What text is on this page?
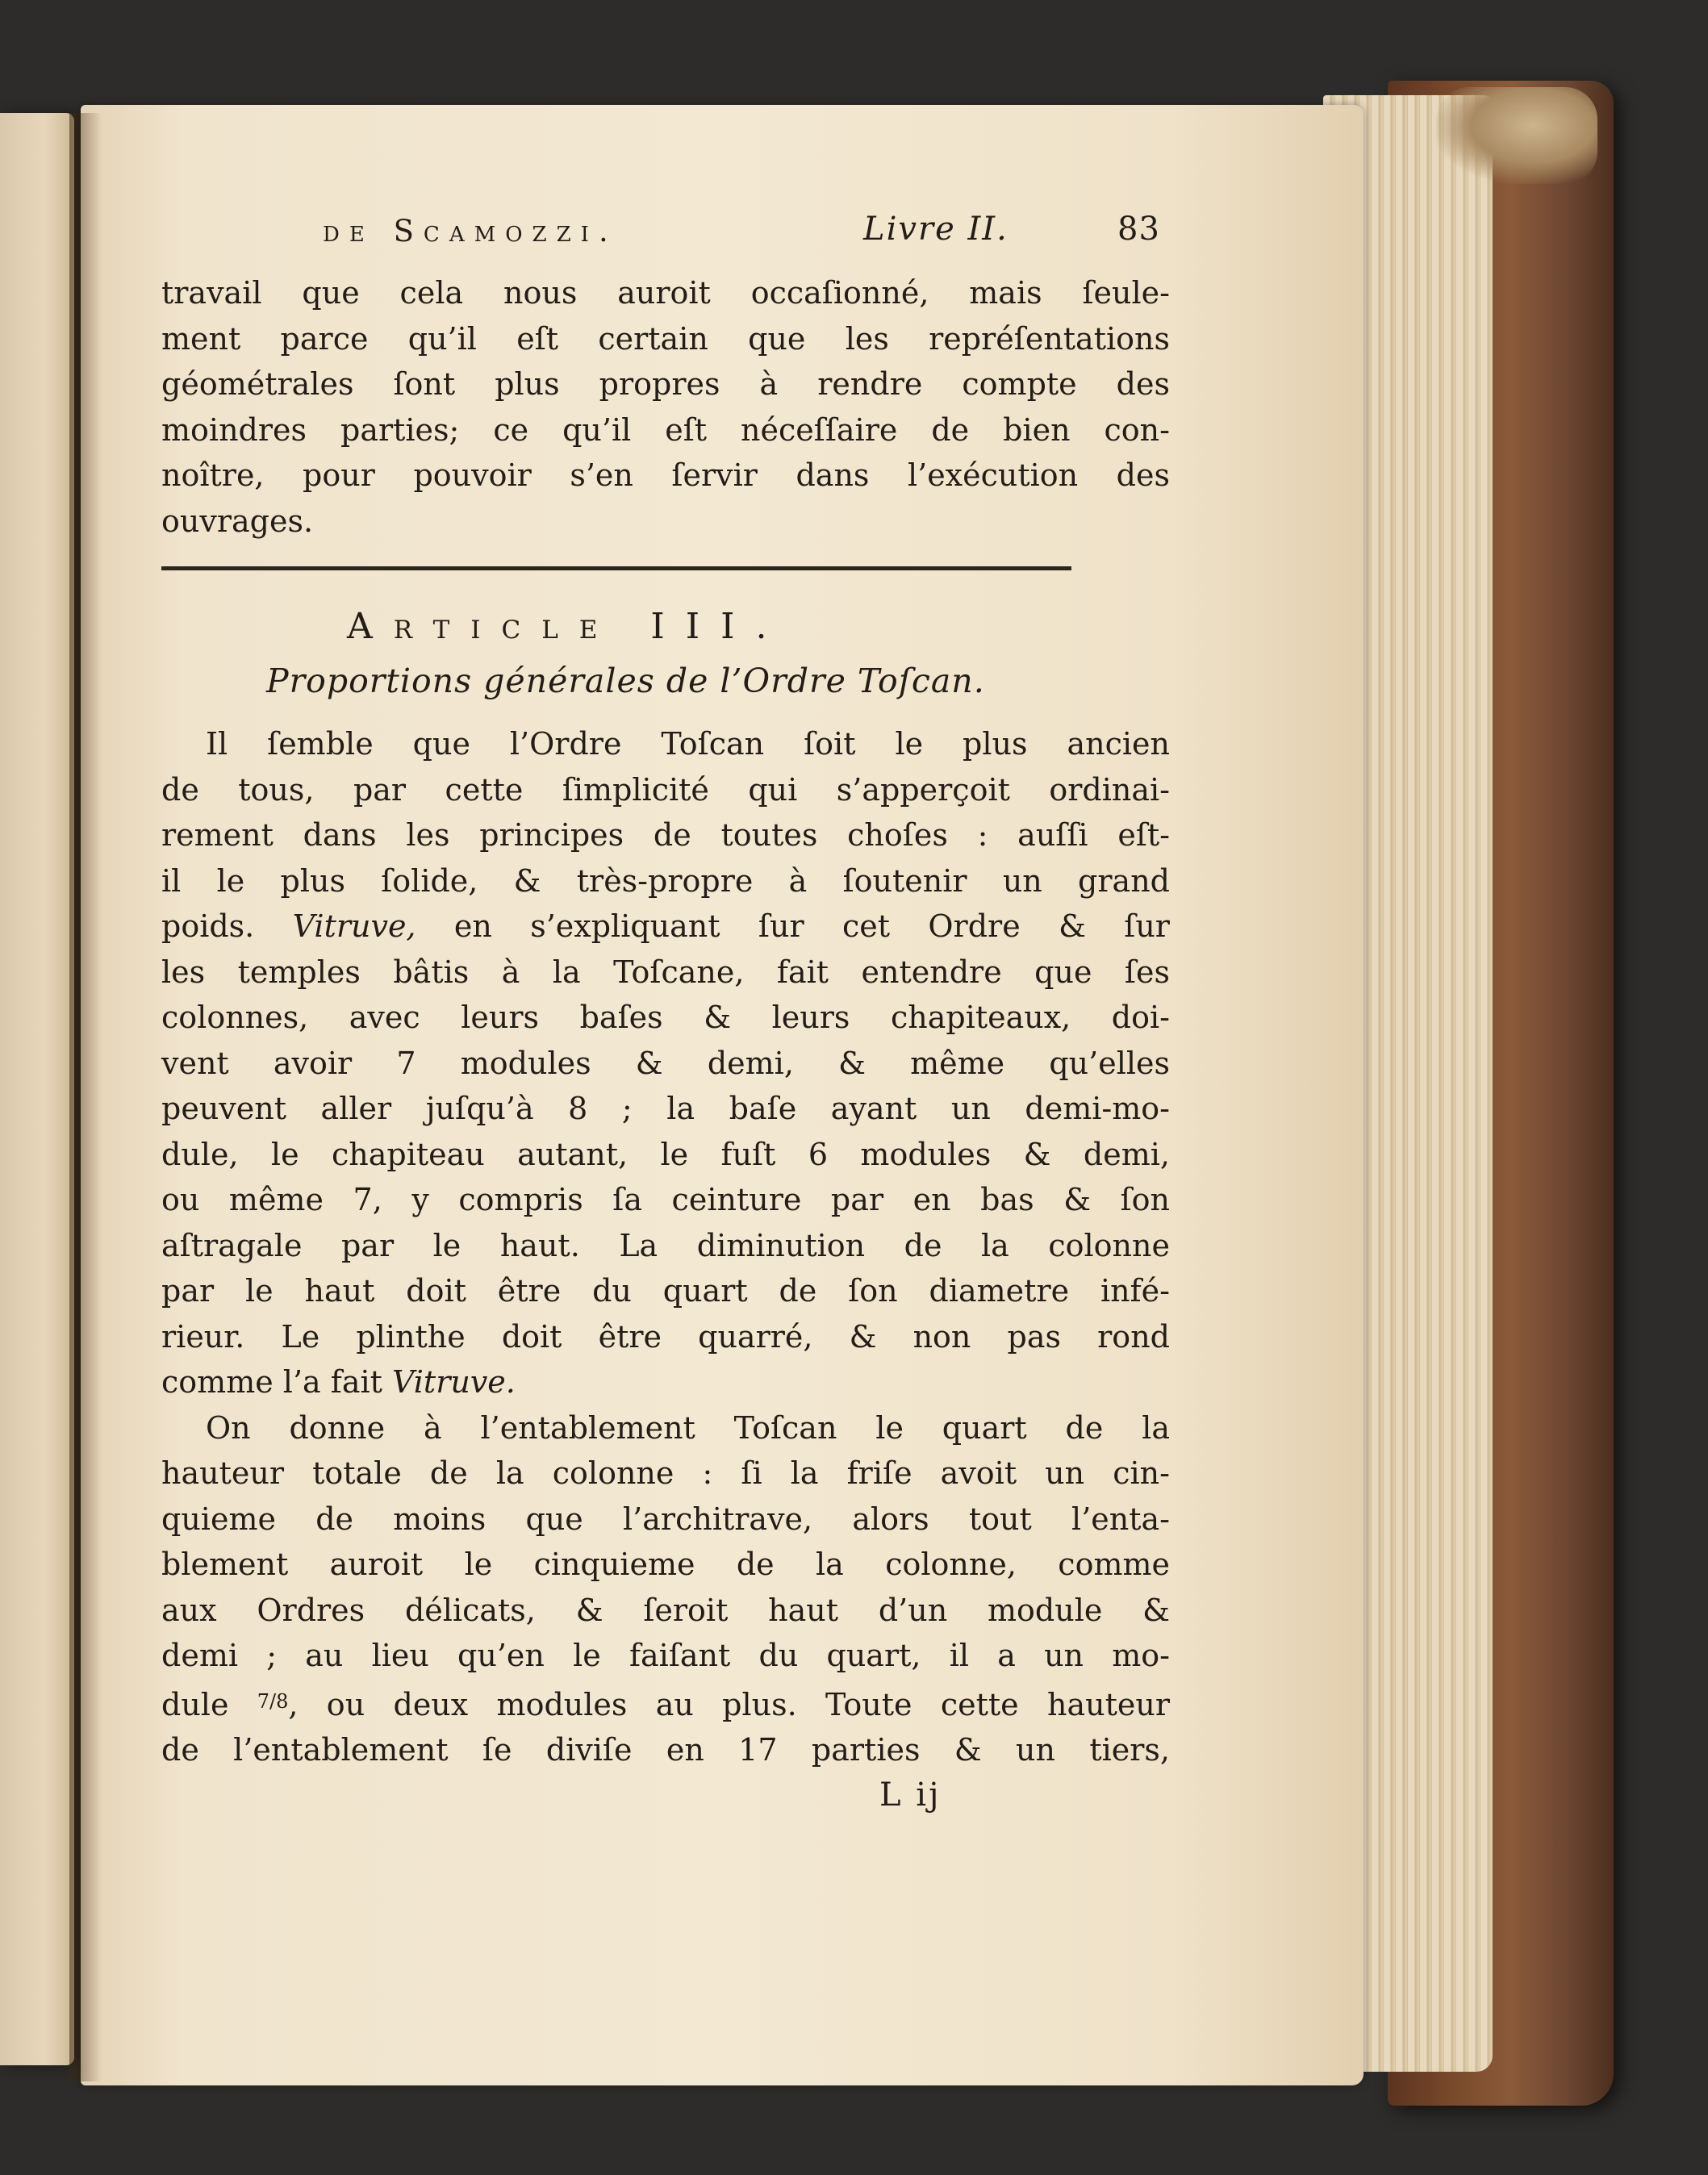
de Scamozzi.	Livre II.	83

travail que cela nous auroit occaſionné, mais ſeule-

ment parce qu’il eſt certain que les repréſentations

géométrales ſont plus propres à rendre compte des

moindres parties; ce qu’il eſt néceſſaire de bien con-

noître, pour pouvoir s’en ſervir dans l’exécution des

ouvrages.

Article III.
Proportions générales de l’Ordre Toſcan.

Il ſemble que l’Ordre Toſcan ſoit le plus ancien

de tous, par cette ſimplicité qui s’apperçoit ordinai-

rement dans les principes de toutes choſes : auſſi eſt-

il le plus ſolide, & très-propre à ſoutenir un grand

poids. Vitruve, en s’expliquant ſur cet Ordre & ſur

les temples bâtis à la Toſcane, fait entendre que ſes

colonnes, avec leurs baſes & leurs chapiteaux, doi-

vent avoir 7 modules & demi, & même qu’elles

peuvent aller juſqu’à 8 ; la baſe ayant un demi-mo-

dule, le chapiteau autant, le fuſt 6 modules & demi,

ou même 7, y compris ſa ceinture par en bas & ſon

aſtragale par le haut. La diminution de la colonne

par le haut doit être du quart de ſon diametre infé-

rieur. Le plinthe doit être quarré, & non pas rond

comme l’a fait Vitruve.

On donne à l’entablement Toſcan le quart de la

hauteur totale de la colonne : ſi la friſe avoit un cin-

quieme de moins que l’architrave, alors tout l’enta-

blement auroit le cinquieme de la colonne, comme

aux Ordres délicats, & ſeroit haut d’un module &

demi ; au lieu qu’en le faiſant du quart, il a un mo-

dule $^{7/8}$, ou deux modules au plus. Toute cette hauteur

de l’entablement ſe diviſe en 17 parties & un tiers,

L ij
